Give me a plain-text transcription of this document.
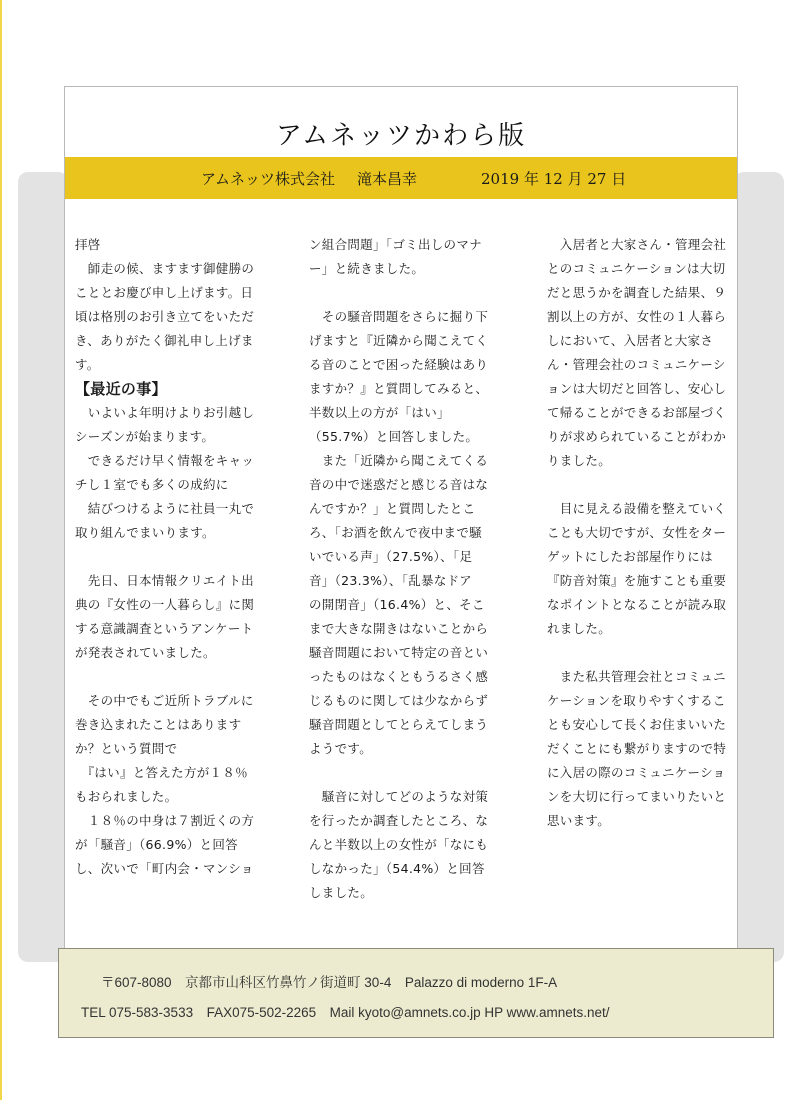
アムネッツかわら版
アムネッツ株式会社 滝本昌幸	2019 年 12 月 27 日

拝啓

　師走の候、ますます御健勝の

こととお慶び申し上げます。日

頃は格別のお引き立てをいただ

き、ありがたく御礼申し上げま

す。

【最近の事】

　いよいよ年明けよりお引越し

シーズンが始まります。

　できるだけ早く情報をキャッ

チし１室でも多くの成約に

　結びつけるように社員一丸で

取り組んでまいります。

　先日、日本情報クリエイト出

典の『女性の一人暮らし』に関

する意識調査というアンケート

が発表されていました。

　その中でもご近所トラブルに

巻き込まれたことはあります

か？という質問で

　『はい』と答えた方が１８％

もおられました。

　１８％の中身は７割近くの方

が「騒音」（66.9%）と回答

し、次いで「町内会・マンショ

ン組合問題」「ゴミ出しのマナ

ー」と続きました。

　その騒音問題をさらに掘り下

げますと『近隣から聞こえてく

る音のことで困った経験はあり

ますか？』と質問してみると、

半数以上の方が「はい」

（55.7%）と回答しました。

　また「近隣から聞こえてくる

音の中で迷惑だと感じる音はな

んですか？」と質問したとこ

ろ、「お酒を飲んで夜中まで騒

いでいる声」（27.5%）、「足

音」（23.3%）、「乱暴なドア

の開閉音」（16.4%）と、そこ

まで大きな開きはないことから

騒音問題において特定の音とい

ったものはなくともうるさく感

じるものに関しては少なからず

騒音問題としてとらえてしまう

ようです。

　騒音に対してどのような対策

を行ったか調査したところ、な

んと半数以上の女性が「なにも

しなかった」（54.4%）と回答

しました。

　入居者と大家さん・管理会社

とのコミュニケーションは大切

だと思うかを調査した結果、９

割以上の方が、女性の１人暮ら

しにおいて、入居者と大家さ

ん・管理会社のコミュニケーシ

ョンは大切だと回答し、安心し

て帰ることができるお部屋づく

りが求められていることがわか

りました。

　目に見える設備を整えていく

ことも大切ですが、女性をター

ゲットにしたお部屋作りには

『防音対策』を施すことも重要

なポイントとなることが読み取

れました。

　また私共管理会社とコミュニ

ケーションを取りやすくするこ

とも安心して長くお住まいいた

だくことにも繋がりますので特

に入居の際のコミュニケーショ

ンを大切に行ってまいりたいと

思います。

〒607-8080　京都市山科区竹鼻竹ノ街道町 30-4　Palazzo di moderno 1F-A

TEL 075-583-3533　FAX075-502-2265　Mail kyoto@amnets.co.jp HP www.amnets.net/
